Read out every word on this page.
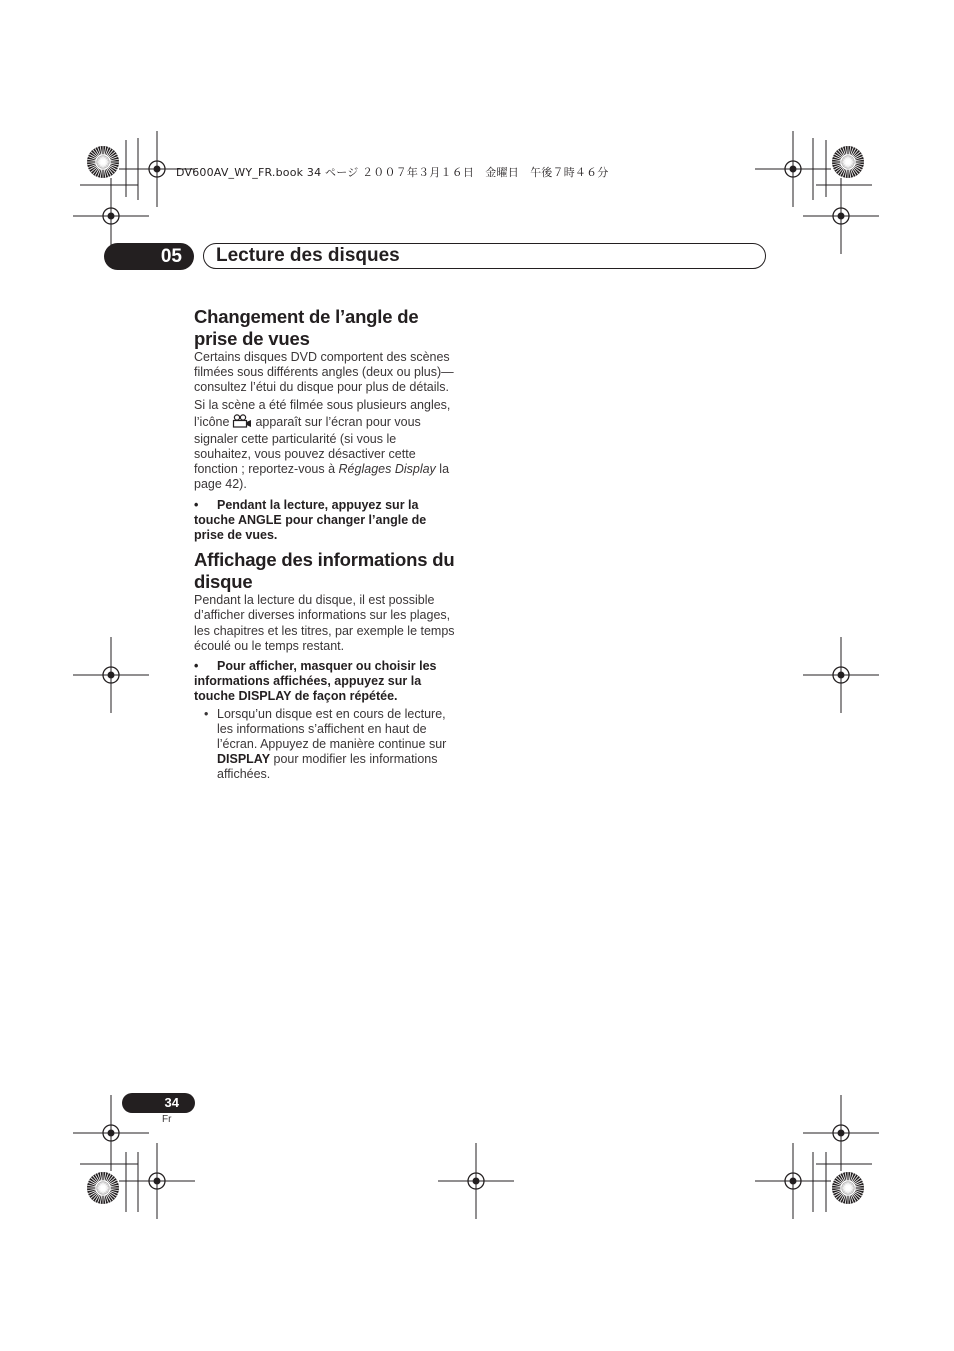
DV600AV_WY_FR.book 34 ページ ２００７年３月１６日　金曜日　午後７時４６分
05	Lecture des disques
Changement de l’angle de
prise de vues

Certains disques DVD comportent des scènes
filmées sous différents angles (deux ou plus)—
consultez l’étui du disque pour plus de détails.

Si la scène a été filmée sous plusieurs angles,
l’icône apparaît sur l’écran pour vous
signaler cette particularité (si vous le
souhaitez, vous pouvez désactiver cette
fonction ; reportez-vous à Réglages Display la
page 42).

• Pendant la lecture, appuyez sur la
touche ANGLE pour changer l’angle de
prise de vues.
Affichage des informations du
disque

Pendant la lecture du disque, il est possible
d’afficher diverses informations sur les plages,
les chapitres et les titres, par exemple le temps
écoulé ou le temps restant.

• Pour afficher, masquer ou choisir les
informations affichées, appuyez sur la
touche DISPLAY de façon répétée.
• Lorsqu’un disque est en cours de lecture,
les informations s’affichent en haut de
l’écran. Appuyez de manière continue sur
DISPLAY pour modifier les informations
affichées.
34
Fr
